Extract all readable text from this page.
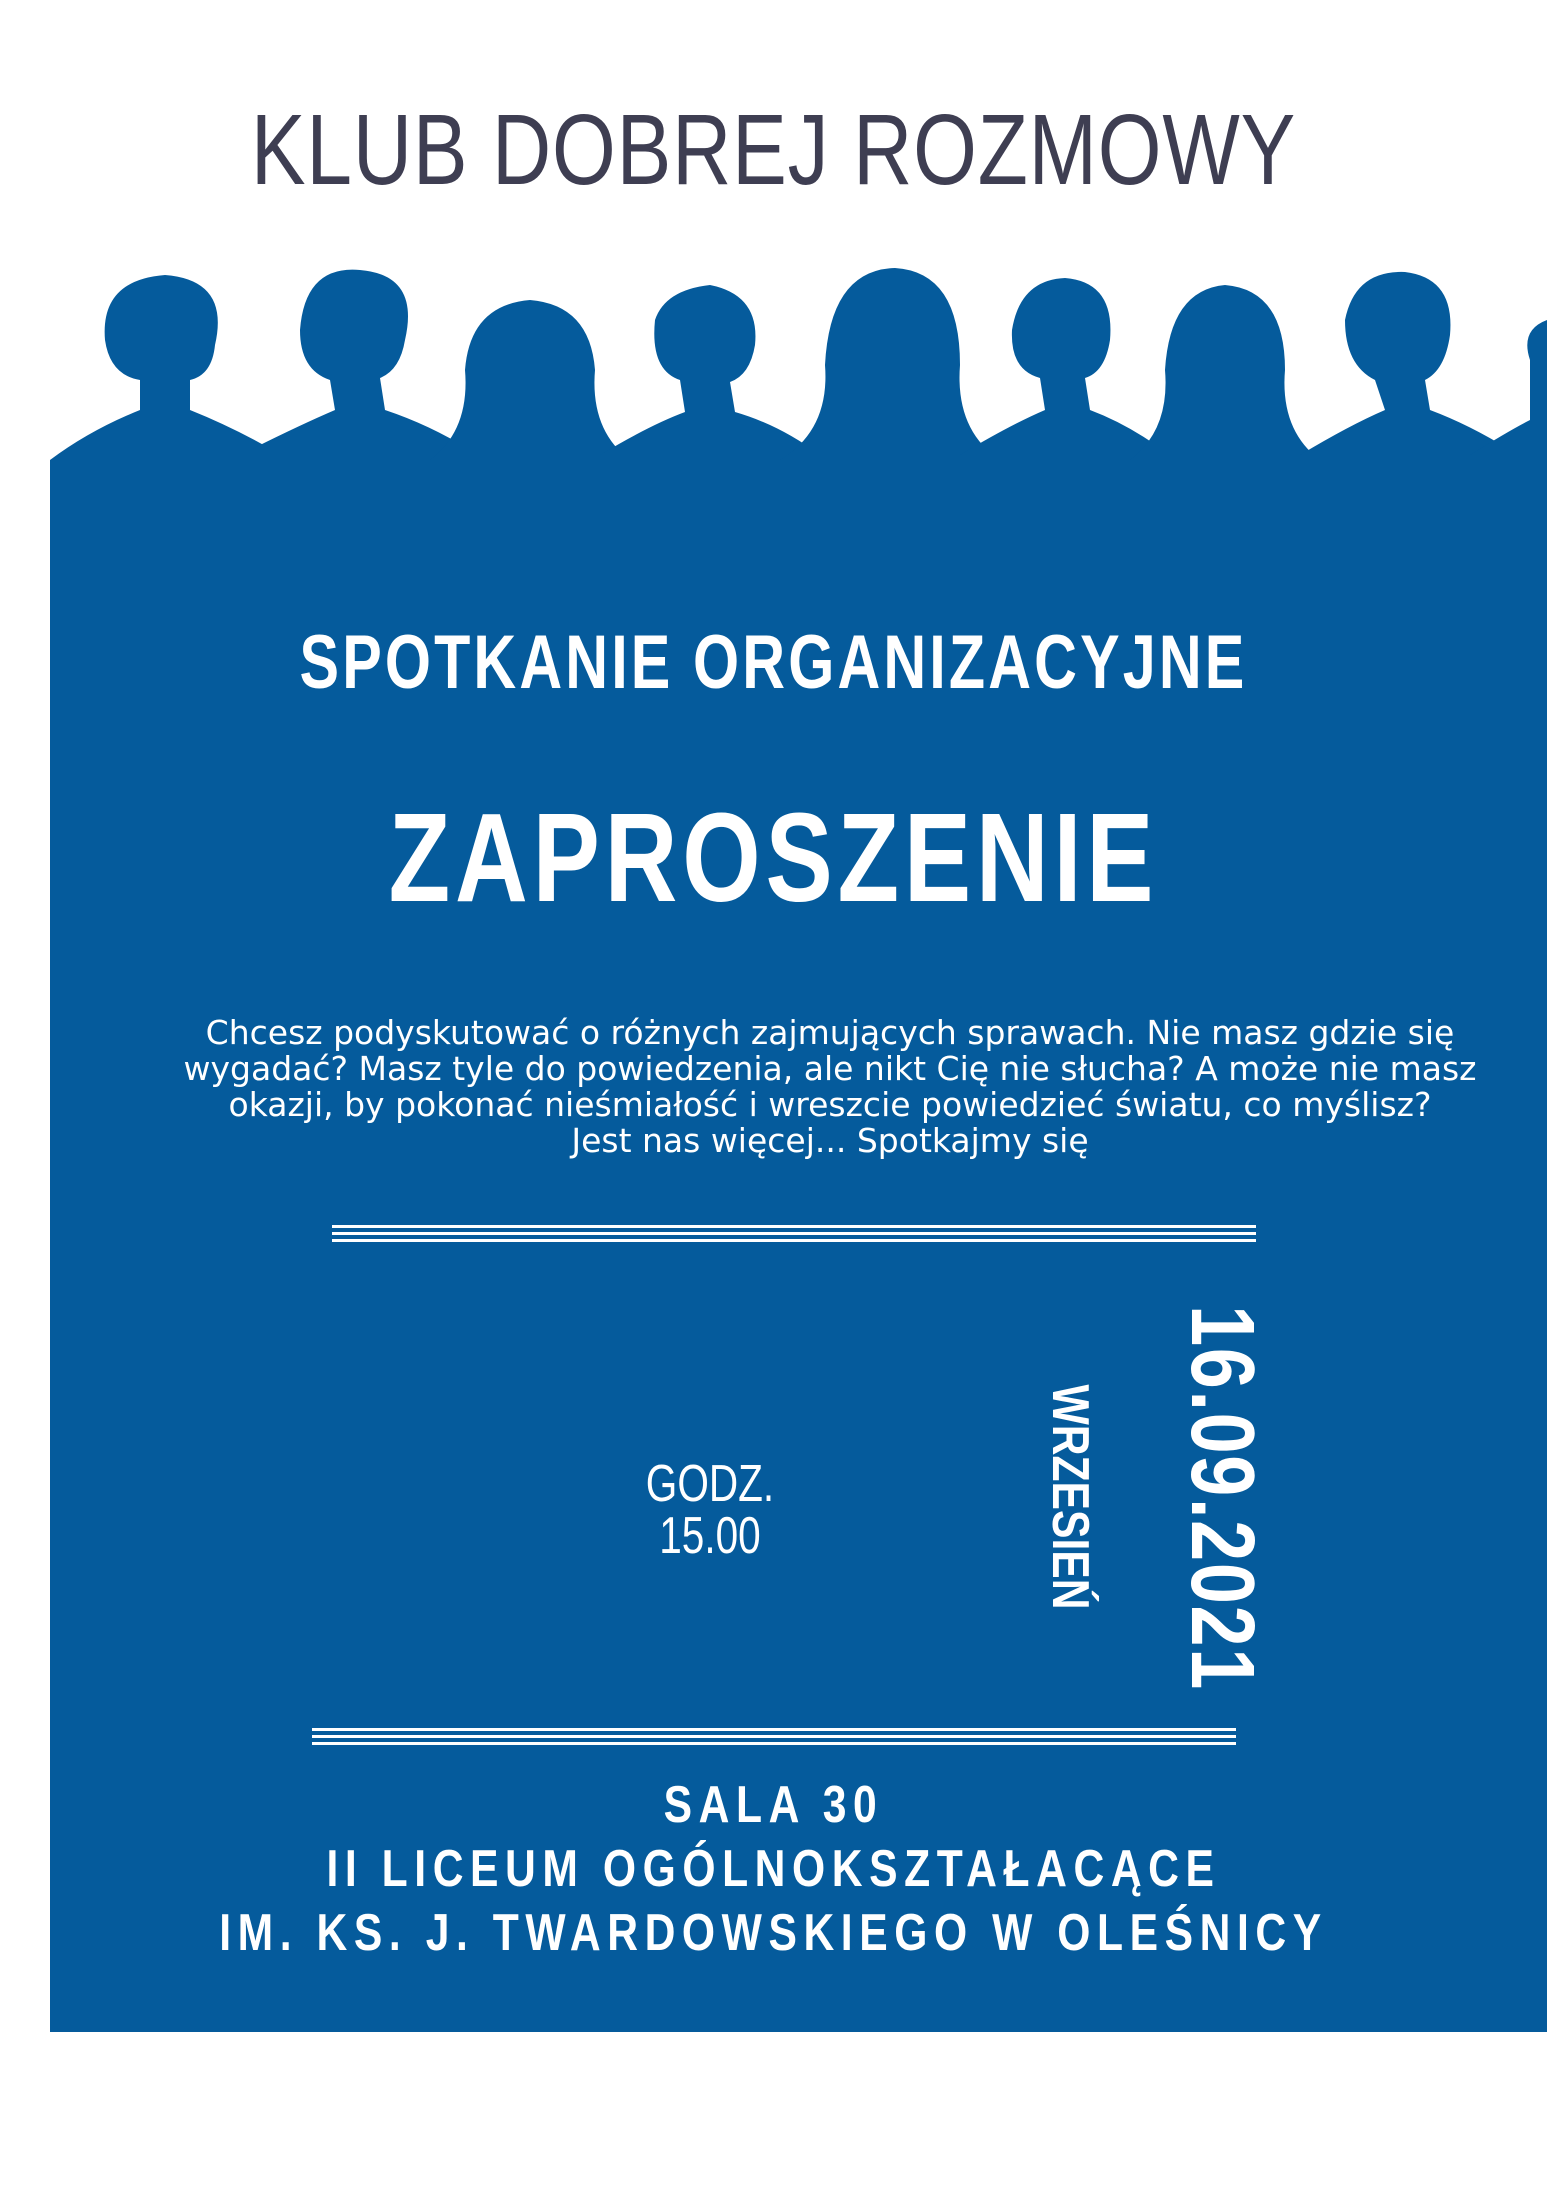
KLUB DOBREJ ROZMOWY
SPOTKANIE ORGANIZACYJNE
ZAPROSZENIE
Chcesz podyskutować o różnych zajmujących sprawach. Nie masz gdzie się
wygadać? Masz tyle do powiedzenia, ale nikt Cię nie słucha? A może nie masz
okazji, by pokonać nieśmiałość i wreszcie powiedzieć światu, co myślisz?
Jest nas więcej... Spotkajmy się
GODZ. 15.00	WRZESIEŃ 16.09.2021
SALA 30
II LICEUM OGÓLNOKSZTAŁACĄCE
IM. KS. J. TWARDOWSKIEGO W OLEŚNICY
